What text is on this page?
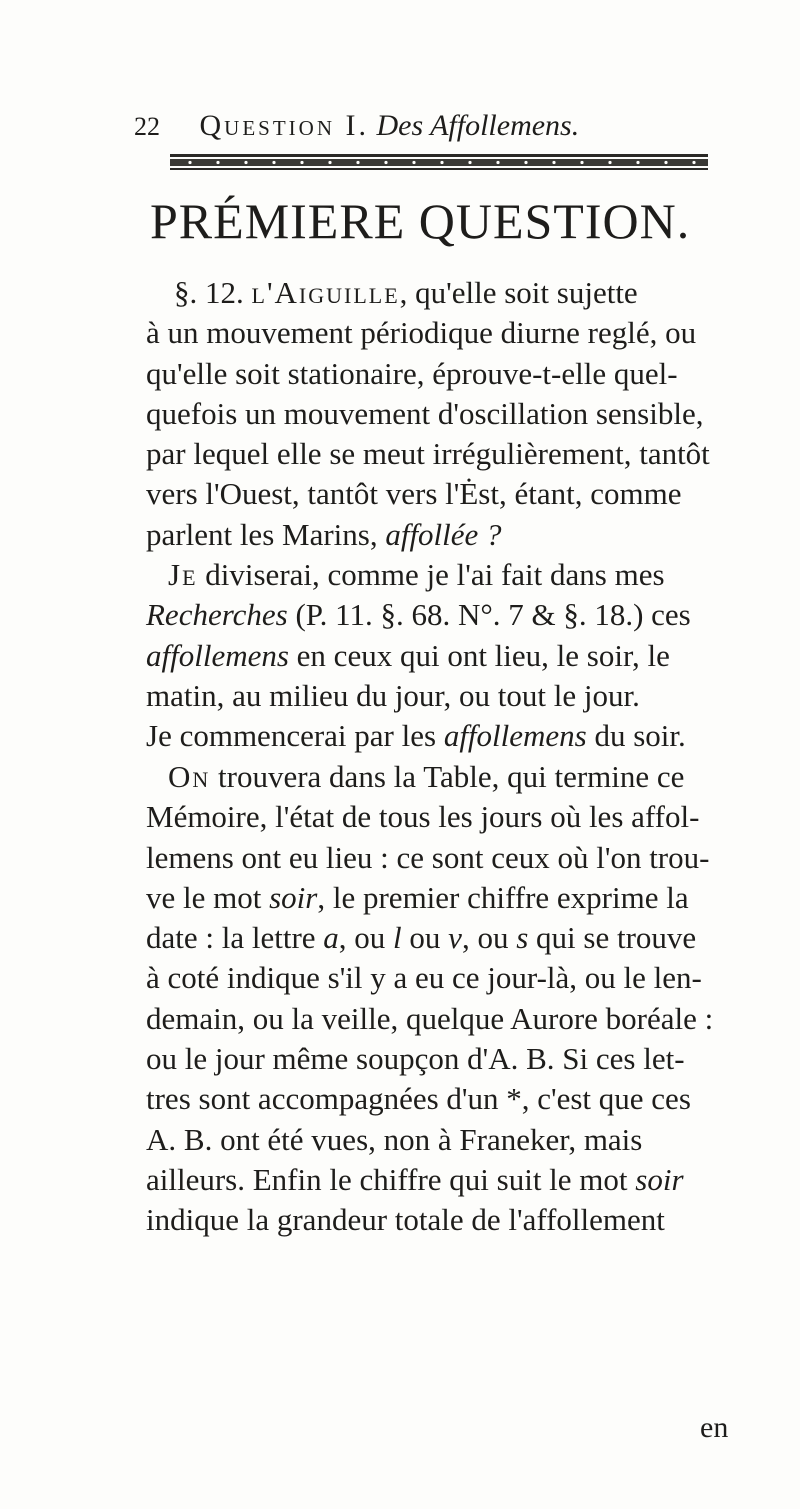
22 Question I. Des Affollemens.
PRÉMIERE QUESTION.
§. 12. l'Aiguille, qu'elle soit sujette
à un mouvement périodique diurne reglé, ou
qu'elle soit stationaire, éprouve-t-elle quel-
quefois un mouvement d'oscillation sensible,
par lequel elle se meut irrégulièrement, tantôt
vers l'Ouest, tantôt vers l'Ėst, étant, comme
parlent les Marins, affollée ?
Je diviserai, comme je l'ai fait dans mes
Recherches (P. 11. §. 68. N°. 7 & §. 18.) ces
affollemens en ceux qui ont lieu, le soir, le
matin, au milieu du jour, ou tout le jour.
Je commencerai par les affollemens du soir.
On trouvera dans la Table, qui termine ce
Mémoire, l'état de tous les jours où les affol-
lemens ont eu lieu : ce sont ceux où l'on trou-
ve le mot soir, le premier chiffre exprime la
date : la lettre a, ou l ou v, ou s qui se trouve
à coté indique s'il y a eu ce jour-là, ou le len-
demain, ou la veille, quelque Aurore boréale :
ou le jour même soupçon d'A. B. Si ces let-
tres sont accompagnées d'un *, c'est que ces
A. B. ont été vues, non à Franeker, mais
ailleurs. Enfin le chiffre qui suit le mot soir
indique la grandeur totale de l'affollement
en
